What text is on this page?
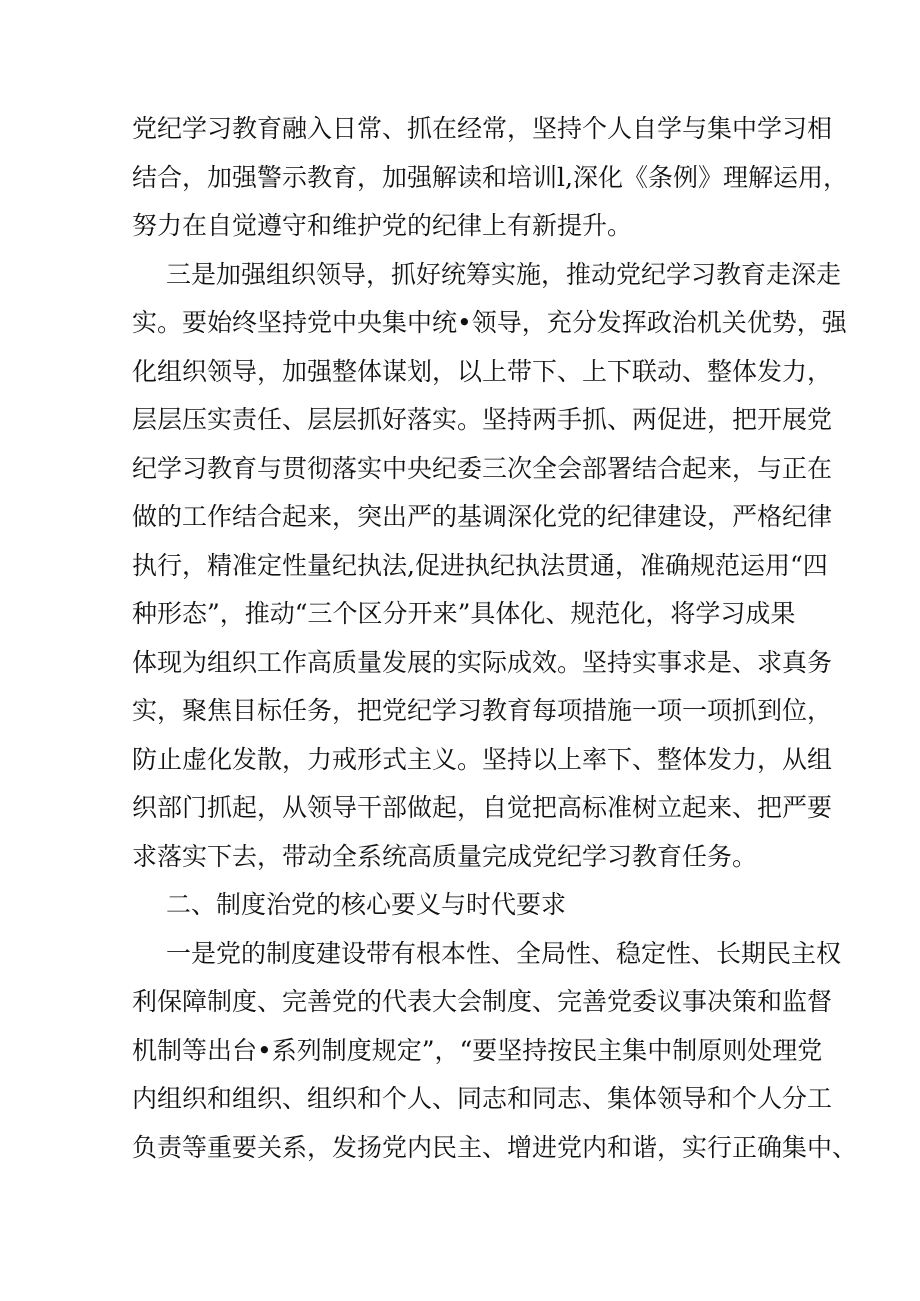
党纪学习教育融入日常、抓在经常，坚持个人自学与集中学习相
结合，加强警示教育，加强解读和培训l,深化《条例》理解运用，
努力在自觉遵守和维护党的纪律上有新提升。
三是加强组织领导，抓好统筹实施，推动党纪学习教育走深走
实。要始终坚持党中央集中统•领导，充分发挥政治机关优势，强
化组织领导，加强整体谋划，以上带下、上下联动、整体发力，
层层压实责任、层层抓好落实。坚持两手抓、两促进，把开展党
纪学习教育与贯彻落实中央纪委三次全会部署结合起来，与正在
做的工作结合起来，突出严的基调深化党的纪律建设，严格纪律
执行，精准定性量纪执法,促进执纪执法贯通，准确规范运用“四
种形态”，推动“三个区分开来”具体化、规范化，将学习成果
体现为组织工作高质量发展的实际成效。坚持实事求是、求真务
实，聚焦目标任务，把党纪学习教育每项措施一项一项抓到位，
防止虚化发散，力戒形式主义。坚持以上率下、整体发力，从组
织部门抓起，从领导干部做起，自觉把高标准树立起来、把严要
求落实下去，带动全系统高质量完成党纪学习教育任务。
二、制度治党的核心要义与时代要求
一是党的制度建设带有根本性、全局性、稳定性、长期民主权
利保障制度、完善党的代表大会制度、完善党委议事决策和监督
机制等出台•系列制度规定”，“要坚持按民主集中制原则处理党
内组织和组织、组织和个人、同志和同志、集体领导和个人分工
负责等重要关系，发扬党内民主、增进党内和谐，实行正确集中、
